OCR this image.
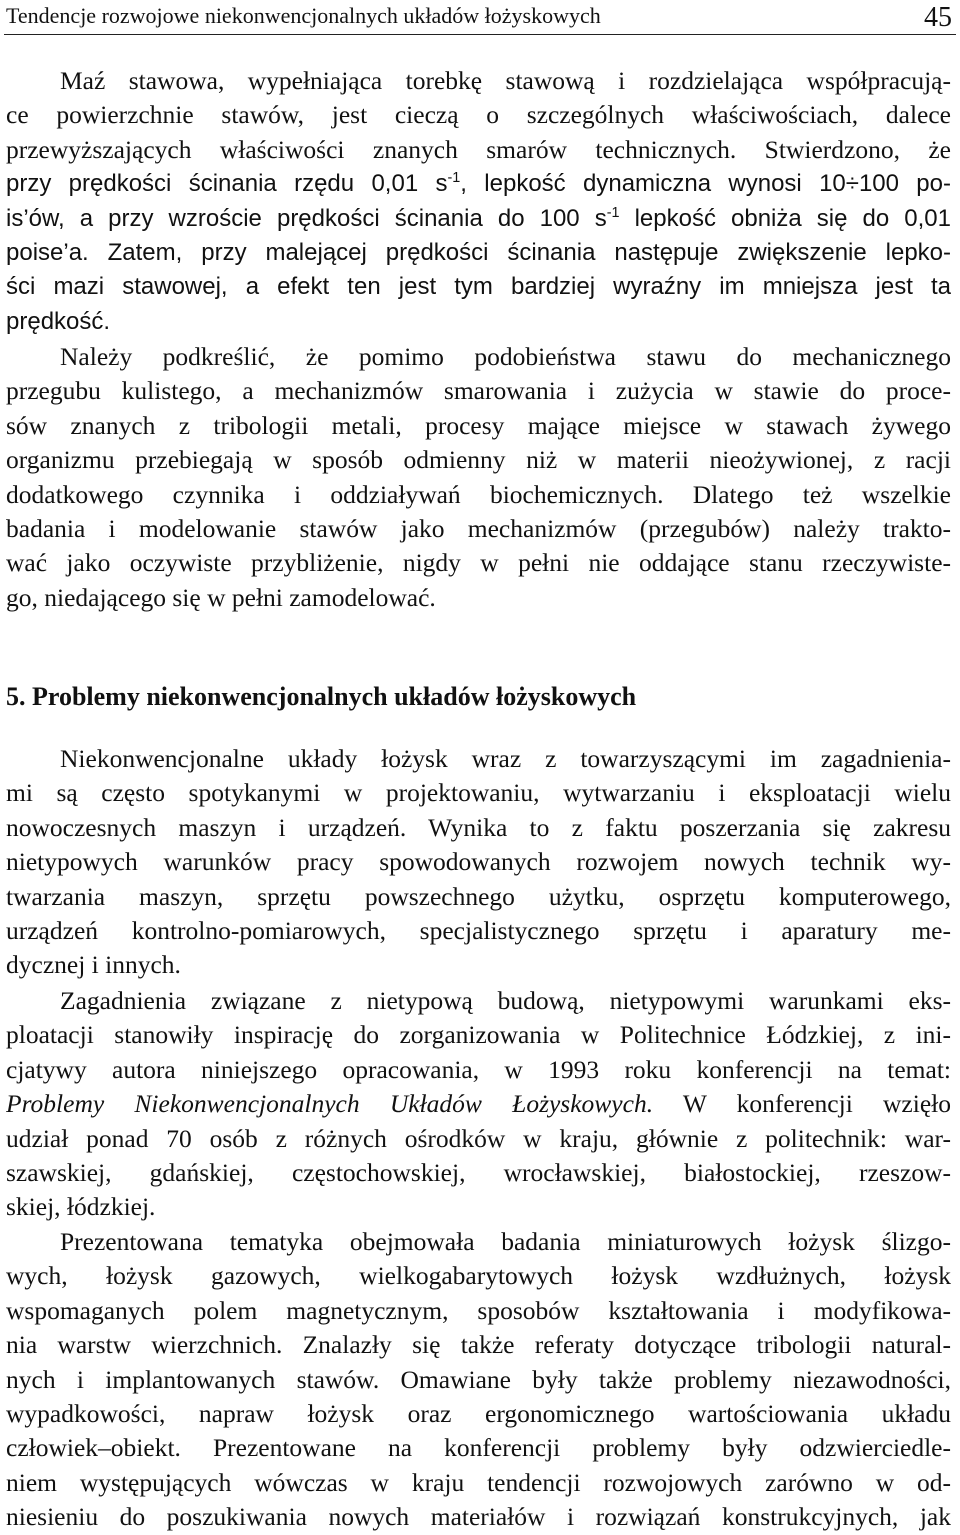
Tendencje rozwojowe niekonwencjonalnych układów łożyskowych	45
Maź stawowa, wypełniająca torebkę stawową i rozdzielająca współpracują-
ce powierzchnie stawów, jest cieczą o szczególnych właściwościach, dalece
przewyższających właściwości znanych smarów technicznych. Stwierdzono, że
przy prędkości ścinania rzędu 0,01 $s^{-1}$, lepkość dynamiczna wynosi 10÷100 po-
is’ów, a przy wzroście prędkości ścinania do 100 $s^{-1}$ lepkość obniża się do 0,01
poise’a. Zatem, przy malejącej prędkości ścinania następuje zwiększenie lepko-
ści mazi stawowej, a efekt ten jest tym bardziej wyraźny im mniejsza jest ta
prędkość.
Należy podkreślić, że pomimo podobieństwa stawu do mechanicznego
przegubu kulistego, a mechanizmów smarowania i zużycia w stawie do proce-
sów znanych z tribologii metali, procesy mające miejsce w stawach żywego
organizmu przebiegają w sposób odmienny niż w materii nieożywionej, z racji
dodatkowego czynnika i oddziaływań biochemicznych. Dlatego też wszelkie
badania i modelowanie stawów jako mechanizmów (przegubów) należy trakto-
wać jako oczywiste przybliżenie, nigdy w pełni nie oddające stanu rzeczywiste-
go, niedającego się w pełni zamodelować.
5. Problemy niekonwencjonalnych układów łożyskowych
Niekonwencjonalne układy łożysk wraz z towarzyszącymi im zagadnienia-
mi są często spotykanymi w projektowaniu, wytwarzaniu i eksploatacji wielu
nowoczesnych maszyn i urządzeń. Wynika to z faktu poszerzania się zakresu
nietypowych warunków pracy spowodowanych rozwojem nowych technik wy-
twarzania maszyn, sprzętu powszechnego użytku, osprzętu komputerowego,
urządzeń kontrolno-pomiarowych, specjalistycznego sprzętu i aparatury me-
dycznej i innych.
Zagadnienia związane z nietypową budową, nietypowymi warunkami eks-
ploatacji stanowiły inspirację do zorganizowania w Politechnice Łódzkiej, z ini-
cjatywy autora niniejszego opracowania, w 1993 roku konferencji na temat:
Problemy Niekonwencjonalnych Układów Łożyskowych. W konferencji wzięło
udział ponad 70 osób z różnych ośrodków w kraju, głównie z politechnik: war-
szawskiej, gdańskiej, częstochowskiej, wrocławskiej, białostockiej, rzeszow-
skiej, łódzkiej.
Prezentowana tematyka obejmowała badania miniaturowych łożysk ślizgo-
wych, łożysk gazowych, wielkogabarytowych łożysk wzdłużnych, łożysk
wspomaganych polem magnetycznym, sposobów kształtowania i modyfikowa-
nia warstw wierzchnich. Znalazły się także referaty dotyczące tribologii natural-
nych i implantowanych stawów. Omawiane były także problemy niezawodności,
wypadkowości, napraw łożysk oraz ergonomicznego wartościowania układu
człowiek–obiekt. Prezentowane na konferencji problemy były odzwierciedle-
niem występujących wówczas w kraju tendencji rozwojowych zarówno w od-
niesieniu do poszukiwania nowych materiałów i rozwiązań konstrukcyjnych, jak
